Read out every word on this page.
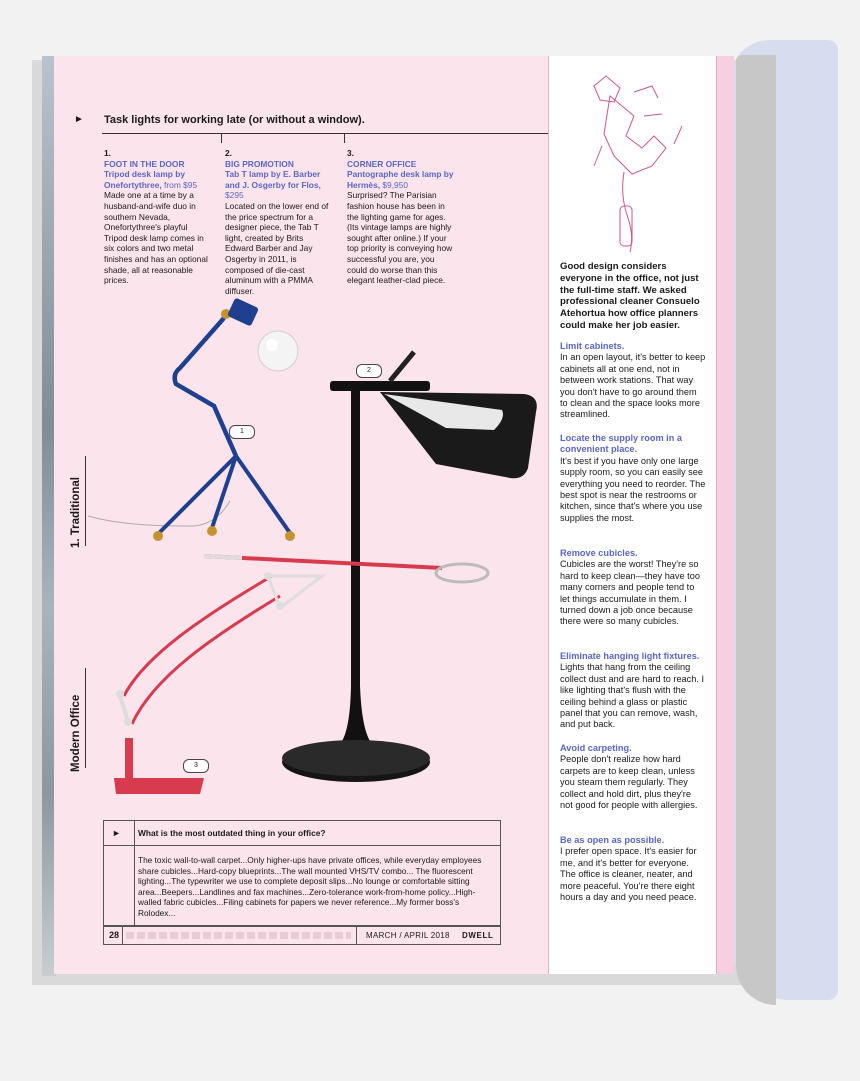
► Task lights for working late (or without a window).
1.
FOOT IN THE DOOR
Tripod desk lamp by Onefortythree, from $95
Made one at a time by a husband-and-wife duo in southern Nevada, Onefortythree's playful Tripod desk lamp comes in six colors and two metal finishes and has an optional shade, all at reasonable prices.
2.
BIG PROMOTION
Tab T lamp by E. Barber and J. Osgerby for Flos, $295
Located on the lower end of the price spectrum for a designer piece, the Tab T light, created by Brits Edward Barber and Jay Osgerby in 2011, is composed of die-cast aluminum with a PMMA diffuser.
3.
CORNER OFFICE
Pantographe desk lamp by Hermès, $9,950
Surprised? The Parisian fashion house has been in the lighting game for ages. (Its vintage lamps are highly sought after online.) If your top priority is conveying how successful you are, you could do worse than this elegant leather-clad piece.
1. Traditional
Modern Office
1
2
3
► What is the most outdated thing in your office?
The toxic wall-to-wall carpet...Only higher-ups have private offices, while everyday employees share cubicles...Hard-copy blueprints...The wall mounted VHS/TV combo... The fluorescent lighting...The typewriter we use to complete deposit slips...No lounge or comfortable sitting area...Beepers...Landlines and fax machines...Zero-tolerance work-from-home policy...High-walled fabric cubicles...Filing cabinets for papers we never reference...My former boss's Rolodex...
28	MARCH / APRIL 2018 DWELL
Good design considers everyone in the office, not just the full-time staff. We asked professional cleaner Consuelo Atehortua how office planners could make her job easier.
Limit cabinets.
In an open layout, it's better to keep cabinets all at one end, not in between work stations. That way you don't have to go around them to clean and the space looks more streamlined.
Locate the supply room in a convenient place.
It's best if you have only one large supply room, so you can easily see everything you need to reorder. The best spot is near the restrooms or kitchen, since that's where you use supplies the most.
Remove cubicles.
Cubicles are the worst! They're so hard to keep clean—they have too many corners and people tend to let things accumulate in them. I turned down a job once because there were so many cubicles.
Eliminate hanging light fixtures.
Lights that hang from the ceiling collect dust and are hard to reach. I like lighting that's flush with the ceiling behind a glass or plastic panel that you can remove, wash, and put back.
Avoid carpeting.
People don't realize how hard carpets are to keep clean, unless you steam them regularly. They collect and hold dirt, plus they're not good for people with allergies.
Be as open as possible.
I prefer open space. It's easier for me, and it's better for everyone. The office is cleaner, neater, and more peaceful. You're there eight hours a day and you need peace.
